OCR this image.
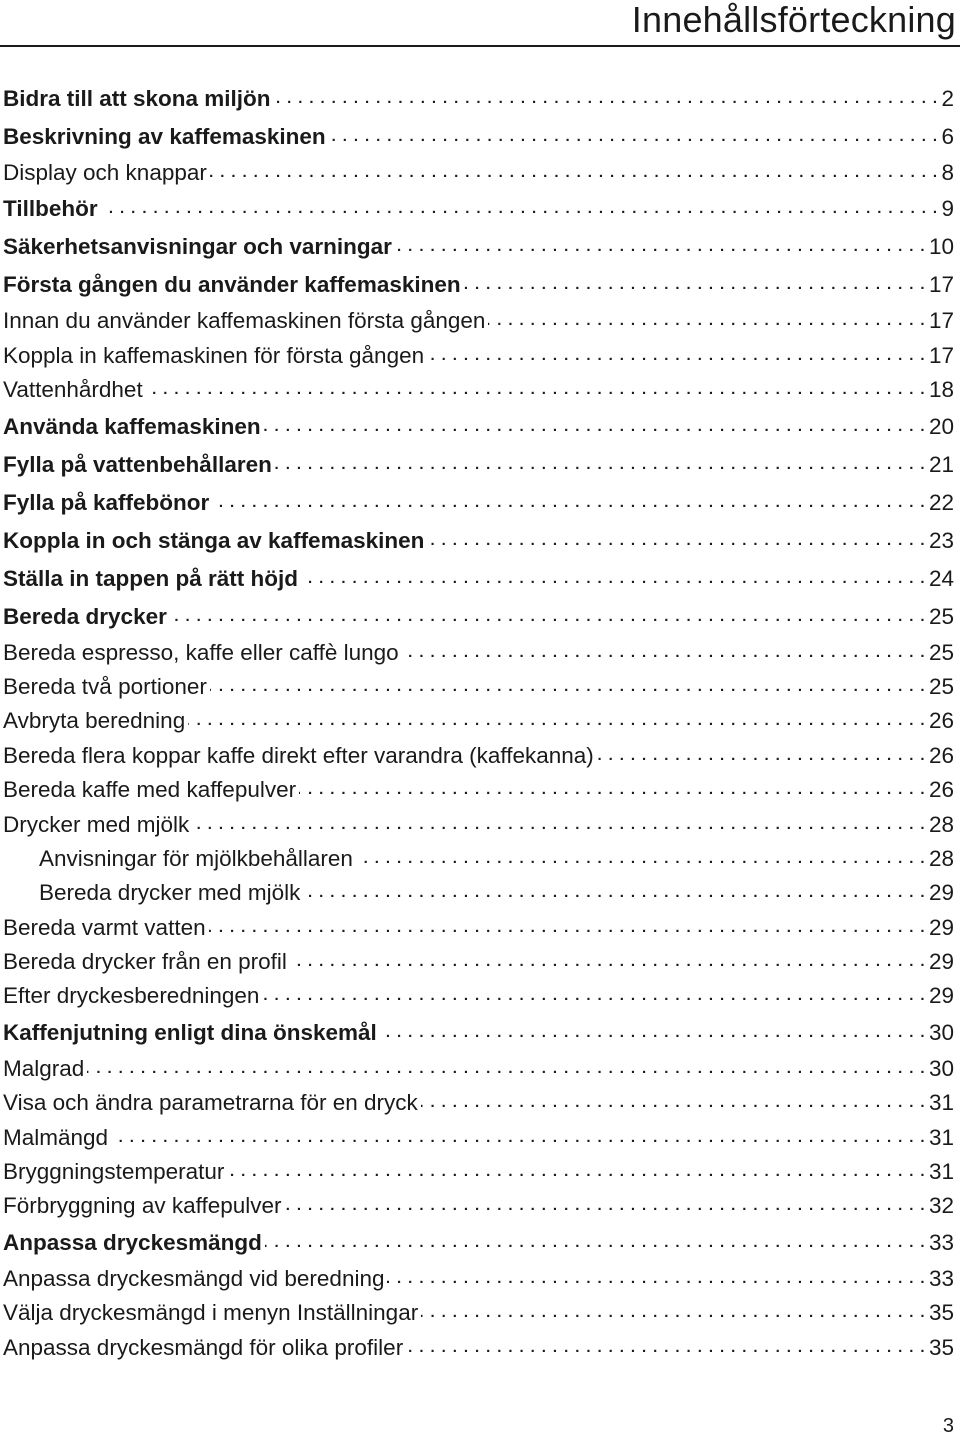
Innehållsförteckning
Bidra till att skona miljön . . .	2
Beskrivning av kaffemaskinen . . .	6
Display och knappar . . .	8
Tillbehör . . .	9
Säkerhetsanvisningar och varningar . . .	10
Första gången du använder kaffemaskinen . . .	17
Innan du använder kaffemaskinen första gången . . .	17
Koppla in kaffemaskinen för första gången . . .	17
Vattenhårdhet . . .	18
Använda kaffemaskinen . . .	20
Fylla på vattenbehållaren . . .	21
Fylla på kaffebönor . . .	22
Koppla in och stänga av kaffemaskinen . . .	23
Ställa in tappen på rätt höjd . . .	24
Bereda drycker . . .	25
Bereda espresso, kaffe eller caffè lungo . . .	25
Bereda två portioner . . .	25
Avbryta beredning . . .	26
Bereda flera koppar kaffe direkt efter varandra (kaffekanna) . . .	26
Bereda kaffe med kaffepulver . . .	26
Drycker med mjölk . . .	28
Anvisningar för mjölkbehållaren . . .	28
Bereda drycker med mjölk . . .	29
Bereda varmt vatten . . .	29
Bereda drycker från en profil . . .	29
Efter dryckesberedningen . . .	29
Kaffenjutning enligt dina önskemål . . .	30
Malgrad . . .	30
Visa och ändra parametrarna för en dryck . . .	31
Malmängd . . .	31
Bryggningstemperatur . . .	31
Förbryggning av kaffepulver . . .	32
Anpassa dryckesmängd . . .	33
Anpassa dryckesmängd vid beredning . . .	33
Välja dryckesmängd i menyn Inställningar . . .	35
Anpassa dryckesmängd för olika profiler . . .	35
3
